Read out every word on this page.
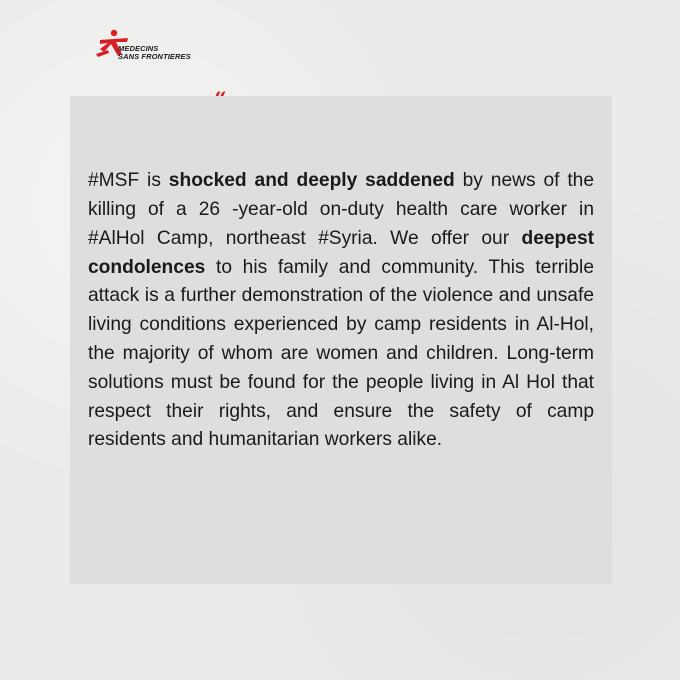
MEDECINS
SANS FRONTIERES

#MSF is shocked and deeply saddened by news of the killing of a 26 -year-old on-duty health care worker in #AlHol Camp, northeast #Syria. We offer our deepest condolences to his family and community. This terrible attack is a further demonstration of the violence and unsafe living conditions experienced by camp residents in Al-Hol, the majority of whom are women and children. Long-term solutions must be found for the people living in Al Hol that respect their rights, and ensure the safety of camp residents and humanitarian workers alike.
